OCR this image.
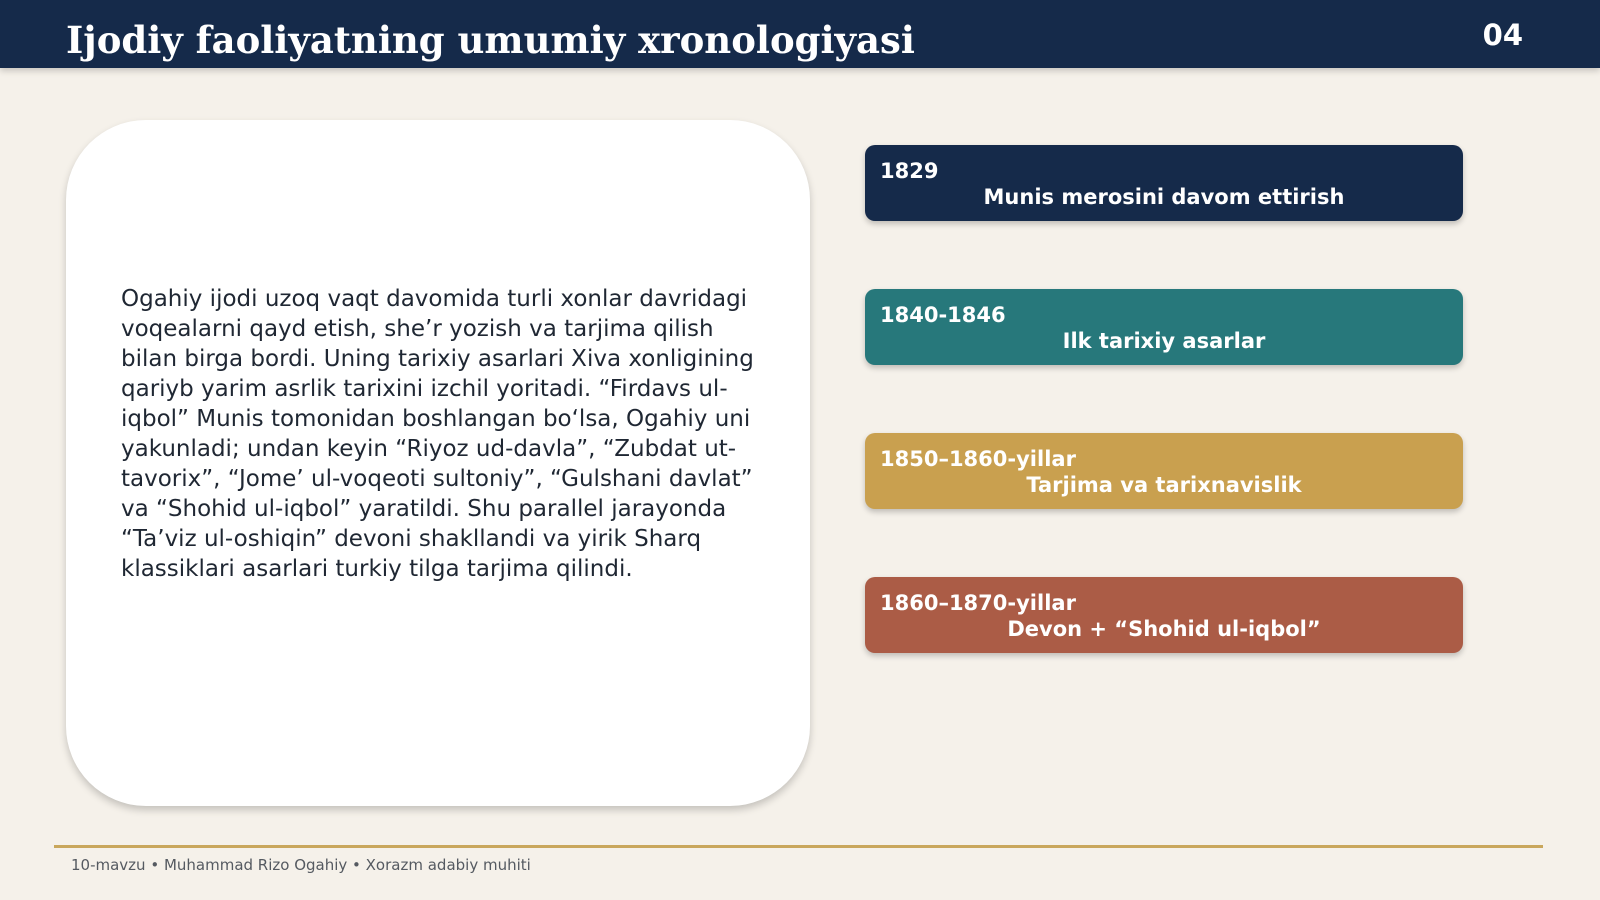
Ijodiy faoliyatning umumiy xronologiyasi	04
Ogahiy ijodi uzoq vaqt davomida turli xonlar davridagi voqealarni qayd etish, she’r yozish va tarjima qilish bilan birga bordi. Uning tarixiy asarlari Xiva xonligining qariyb yarim asrlik tarixini izchil yoritadi. “Firdavs ul-iqbol” Munis tomonidan boshlangan bo‘lsa, Ogahiy uni yakunladi; undan keyin “Riyoz ud-davla”, “Zubdat ut-tavorix”, “Jome’ ul-voqeoti sultoniy”, “Gulshani davlat” va “Shohid ul-iqbol” yaratildi. Shu parallel jarayonda “Ta’viz ul-oshiqin” devoni shakllandi va yirik Sharq klassiklari asarlari turkiy tilga tarjima qilindi.
1829
Munis merosini davom ettirish
1840-1846
Ilk tarixiy asarlar
1850–1860-yillar
Tarjima va tarixnavislik
1860–1870-yillar
Devon + “Shohid ul-iqbol”
10-mavzu • Muhammad Rizo Ogahiy • Xorazm adabiy muhiti
